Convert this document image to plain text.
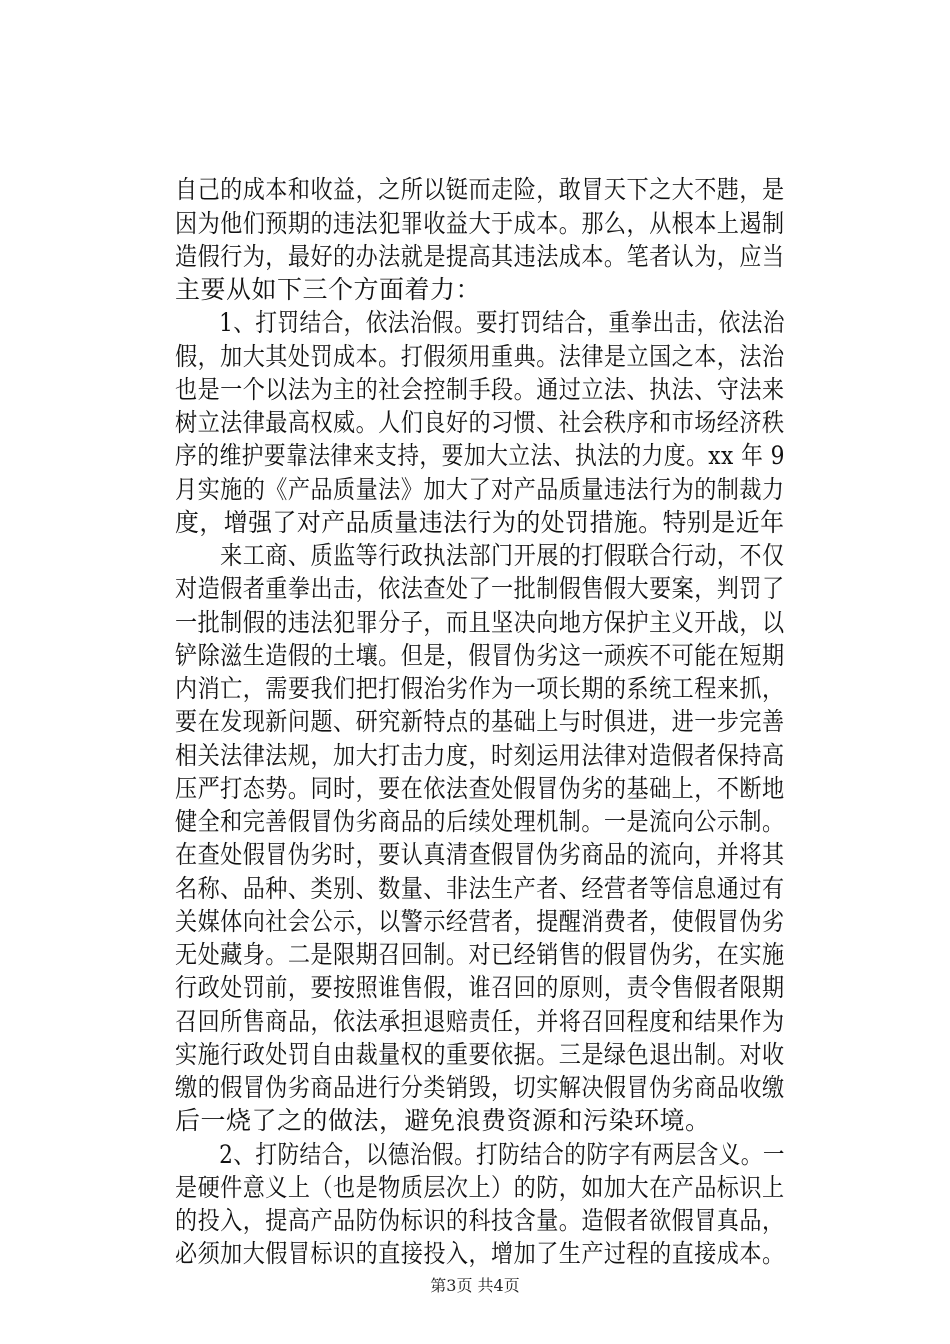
自己的成本和收益，之所以铤而走险，敢冒天下之大不韪，是
因为他们预期的违法犯罪收益大于成本。那么，从根本上遏制
造假行为，最好的办法就是提高其违法成本。笔者认为，应当
主要从如下三个方面着力：
　　1、打罚结合，依法治假。要打罚结合，重拳出击，依法治
假，加大其处罚成本。打假须用重典。法律是立国之本，法治
也是一个以法为主的社会控制手段。通过立法、执法、守法来
树立法律最高权威。人们良好的习惯、社会秩序和市场经济秩
序的维护要靠法律来支持，要加大立法、执法的力度。xx 年 9
月实施的《产品质量法》加大了对产品质量违法行为的制裁力
度，增强了对产品质量违法行为的处罚措施。特别是近年
　　来工商、质监等行政执法部门开展的打假联合行动，不仅
对造假者重拳出击，依法查处了一批制假售假大要案，判罚了
一批制假的违法犯罪分子，而且坚决向地方保护主义开战，以
铲除滋生造假的土壤。但是，假冒伪劣这一顽疾不可能在短期
内消亡，需要我们把打假治劣作为一项长期的系统工程来抓，
要在发现新问题、研究新特点的基础上与时俱进，进一步完善
相关法律法规，加大打击力度，时刻运用法律对造假者保持高
压严打态势。同时，要在依法查处假冒伪劣的基础上，不断地
健全和完善假冒伪劣商品的后续处理机制。一是流向公示制。
在查处假冒伪劣时，要认真清查假冒伪劣商品的流向，并将其
名称、品种、类别、数量、非法生产者、经营者等信息通过有
关媒体向社会公示，以警示经营者，提醒消费者，使假冒伪劣
无处藏身。二是限期召回制。对已经销售的假冒伪劣，在实施
行政处罚前，要按照谁售假，谁召回的原则，责令售假者限期
召回所售商品，依法承担退赔责任，并将召回程度和结果作为
实施行政处罚自由裁量权的重要依据。三是绿色退出制。对收
缴的假冒伪劣商品进行分类销毁，切实解决假冒伪劣商品收缴
后一烧了之的做法，避免浪费资源和污染环境。
　　2、打防结合，以德治假。打防结合的防字有两层含义。一
是硬件意义上（也是物质层次上）的防，如加大在产品标识上
的投入，提高产品防伪标识的科技含量。造假者欲假冒真品，
必须加大假冒标识的直接投入，增加了生产过程的直接成本。
第3页 共4页
